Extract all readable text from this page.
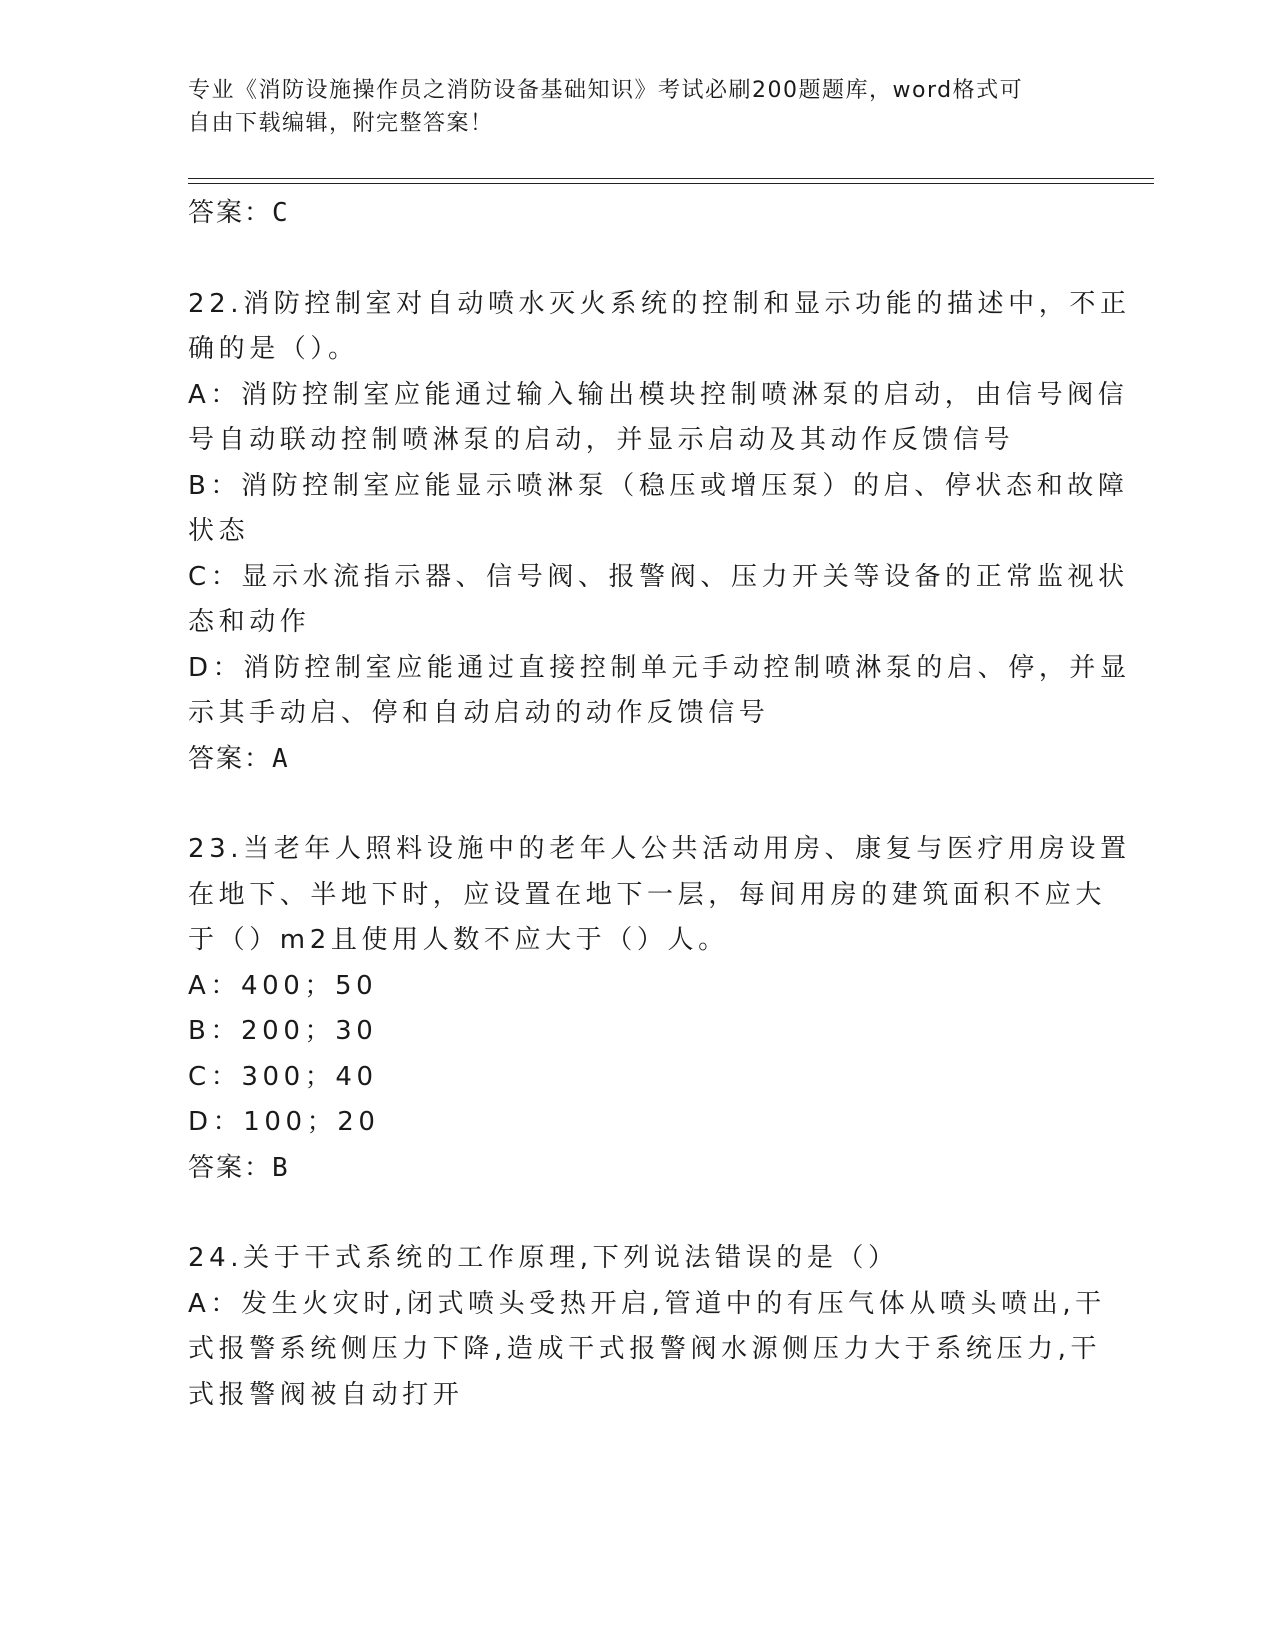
专业《消防设施操作员之消防设备基础知识》考试必刷200题题库，word格式可
自由下载编辑，附完整答案！
答案：C
22.消防控制室对自动喷水灭火系统的控制和显示功能的描述中，不正
确的是（）。
A：消防控制室应能通过输入输出模块控制喷淋泵的启动，由信号阀信
号自动联动控制喷淋泵的启动，并显示启动及其动作反馈信号
B：消防控制室应能显示喷淋泵（稳压或增压泵）的启、停状态和故障
状态
C：显示水流指示器、信号阀、报警阀、压力开关等设备的正常监视状
态和动作
D：消防控制室应能通过直接控制单元手动控制喷淋泵的启、停，并显
示其手动启、停和自动启动的动作反馈信号
答案：A
23.当老年人照料设施中的老年人公共活动用房、康复与医疗用房设置
在地下、半地下时，应设置在地下一层，每间用房的建筑面积不应大
于（）m2且使用人数不应大于（）人。
A：400；50
B：200；30
C：300；40
D：100；20
答案：B
24.关于干式系统的工作原理,下列说法错误的是（）
A：发生火灾时,闭式喷头受热开启,管道中的有压气体从喷头喷出,干
式报警系统侧压力下降,造成干式报警阀水源侧压力大于系统压力,干
式报警阀被自动打开
